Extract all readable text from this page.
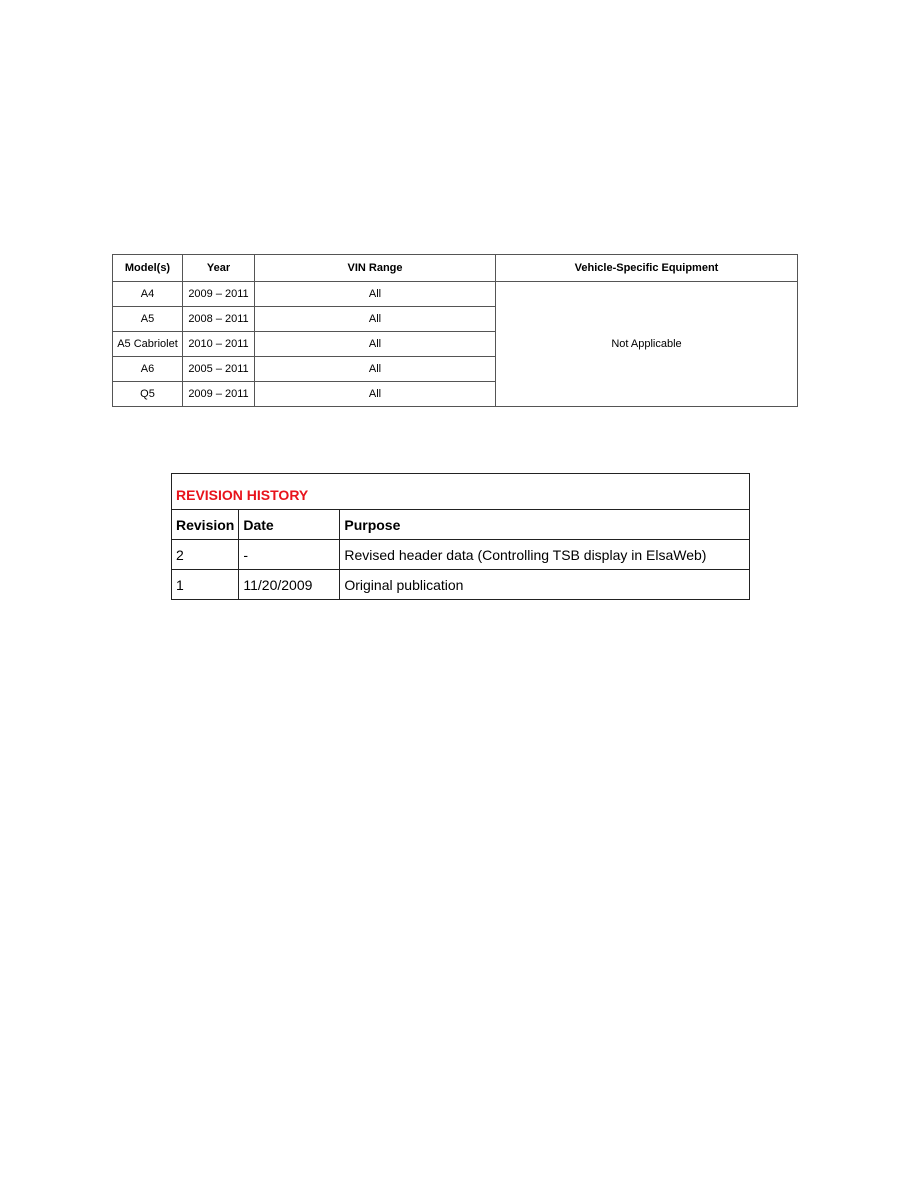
Model(s)	Year	VIN Range	Vehicle-Specific Equipment
A4	2009 – 2011	All	Not Applicable
A5	2008 – 2011	All	
A5 Cabriolet	2010 – 2011	All	
A6	2005 – 2011	All	
Q5	2009 – 2011	All	
REVISION HISTORY		
Revision	Date	Purpose
2	-	Revised header data (Controlling TSB display in ElsaWeb)
1	11/20/2009	Original publication
